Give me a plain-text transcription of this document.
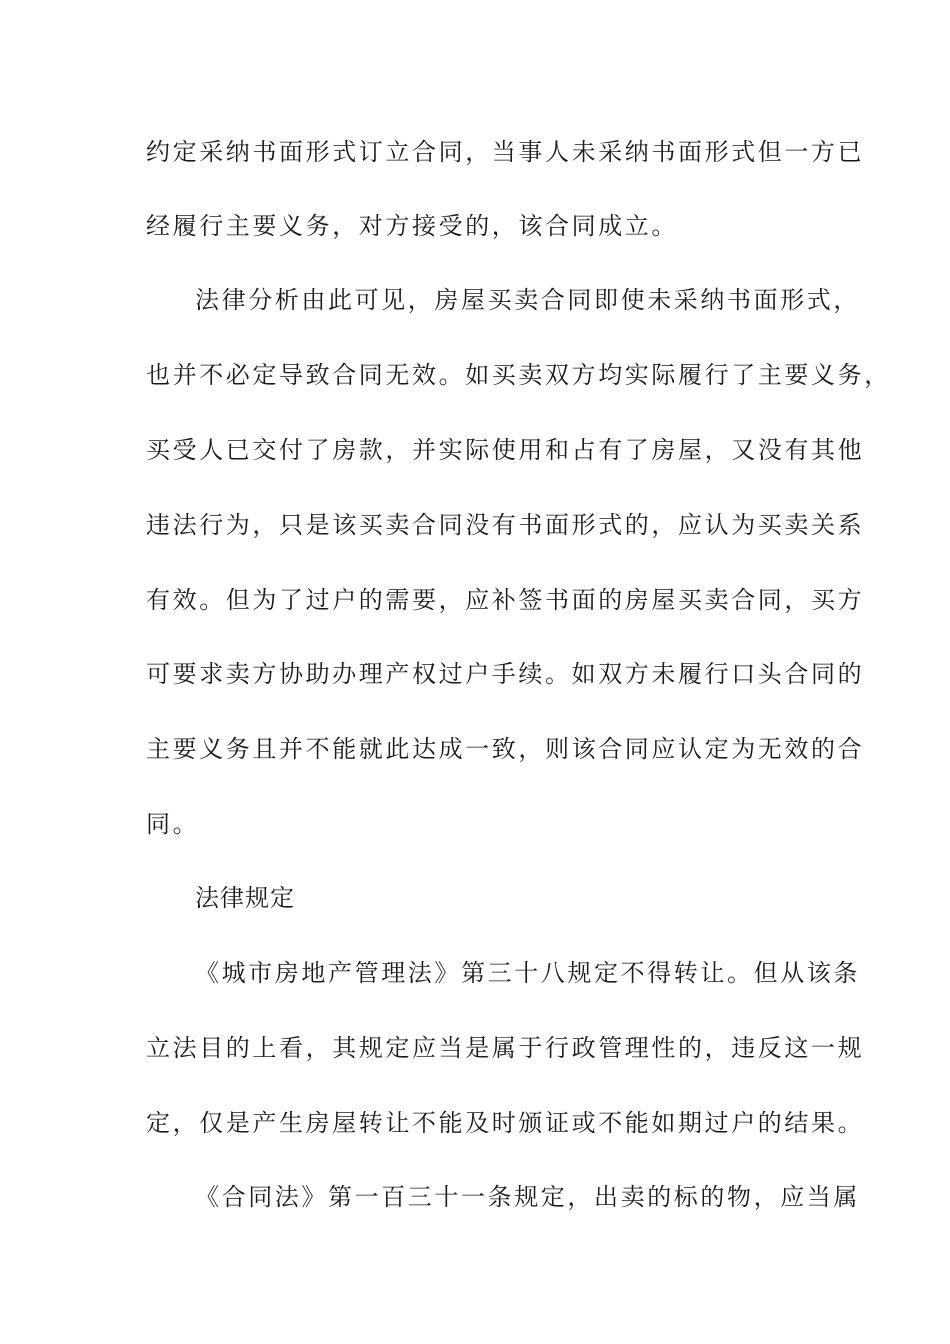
约定采纳书面形式订立合同，当事人未采纳书面形式但一方已
经履行主要义务，对方接受的，该合同成立。
法律分析由此可见，房屋买卖合同即使未采纳书面形式，
也并不必定导致合同无效。如买卖双方均实际履行了主要义务，
买受人已交付了房款，并实际使用和占有了房屋，又没有其他
违法行为，只是该买卖合同没有书面形式的，应认为买卖关系
有效。但为了过户的需要，应补签书面的房屋买卖合同，买方
可要求卖方协助办理产权过户手续。如双方未履行口头合同的
主要义务且并不能就此达成一致，则该合同应认定为无效的合
同。
法律规定
《城市房地产管理法》第三十八规定不得转让。但从该条
立法目的上看，其规定应当是属于行政管理性的，违反这一规
定，仅是产生房屋转让不能及时颁证或不能如期过户的结果。
《合同法》第一百三十一条规定，出卖的标的物，应当属
